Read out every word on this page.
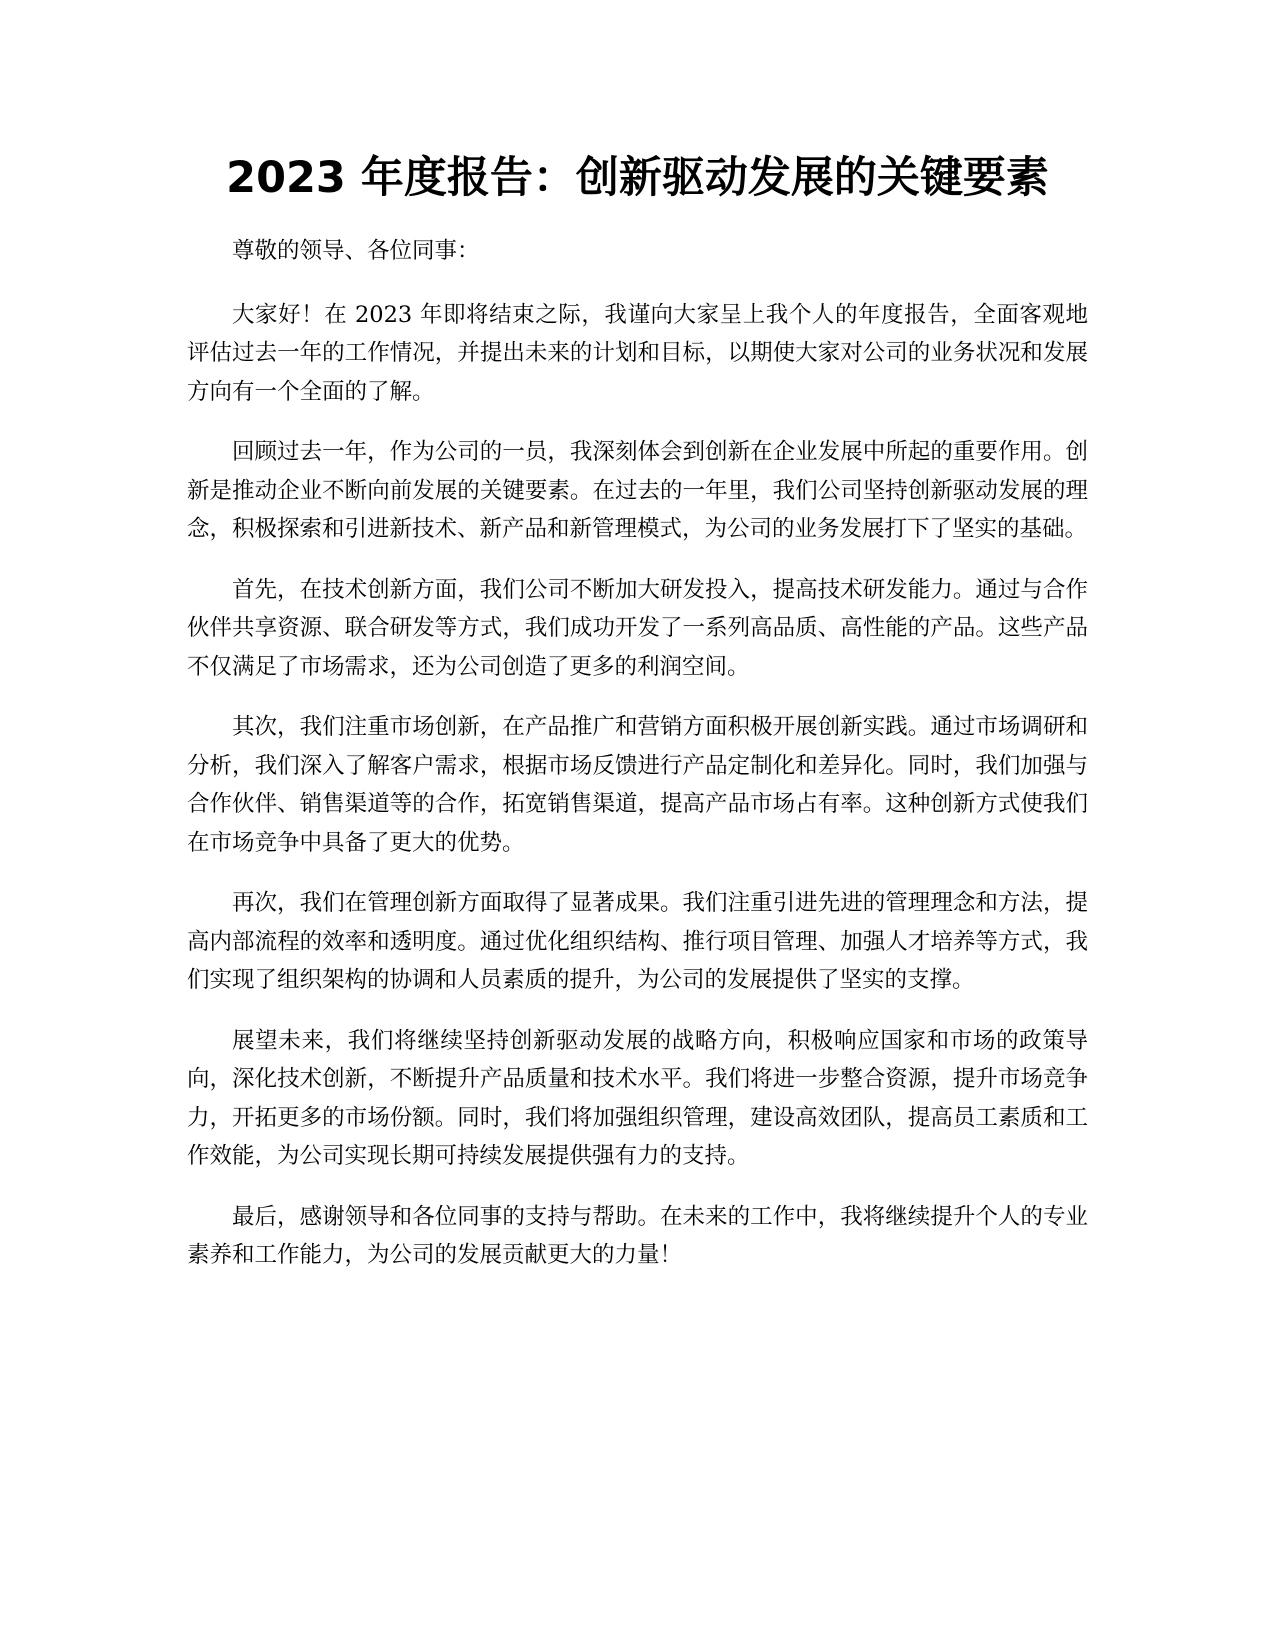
2023 年度报告：创新驱动发展的关键要素

尊敬的领导、各位同事：

大家好！在 2023 年即将结束之际，我谨向大家呈上我个人的年度报告，全面客观地评估过去一年的工作情况，并提出未来的计划和目标，以期使大家对公司的业务状况和发展方向有一个全面的了解。

回顾过去一年，作为公司的一员，我深刻体会到创新在企业发展中所起的重要作用。创新是推动企业不断向前发展的关键要素。在过去的一年里，我们公司坚持创新驱动发展的理念，积极探索和引进新技术、新产品和新管理模式，为公司的业务发展打下了坚实的基础。

首先，在技术创新方面，我们公司不断加大研发投入，提高技术研发能力。通过与合作伙伴共享资源、联合研发等方式，我们成功开发了一系列高品质、高性能的产品。这些产品不仅满足了市场需求，还为公司创造了更多的利润空间。

其次，我们注重市场创新，在产品推广和营销方面积极开展创新实践。通过市场调研和分析，我们深入了解客户需求，根据市场反馈进行产品定制化和差异化。同时，我们加强与合作伙伴、销售渠道等的合作，拓宽销售渠道，提高产品市场占有率。这种创新方式使我们在市场竞争中具备了更大的优势。

再次，我们在管理创新方面取得了显著成果。我们注重引进先进的管理理念和方法，提高内部流程的效率和透明度。通过优化组织结构、推行项目管理、加强人才培养等方式，我们实现了组织架构的协调和人员素质的提升，为公司的发展提供了坚实的支撑。

展望未来，我们将继续坚持创新驱动发展的战略方向，积极响应国家和市场的政策导向，深化技术创新，不断提升产品质量和技术水平。我们将进一步整合资源，提升市场竞争力，开拓更多的市场份额。同时，我们将加强组织管理，建设高效团队，提高员工素质和工作效能，为公司实现长期可持续发展提供强有力的支持。

最后，感谢领导和各位同事的支持与帮助。在未来的工作中，我将继续提升个人的专业素养和工作能力，为公司的发展贡献更大的力量！
